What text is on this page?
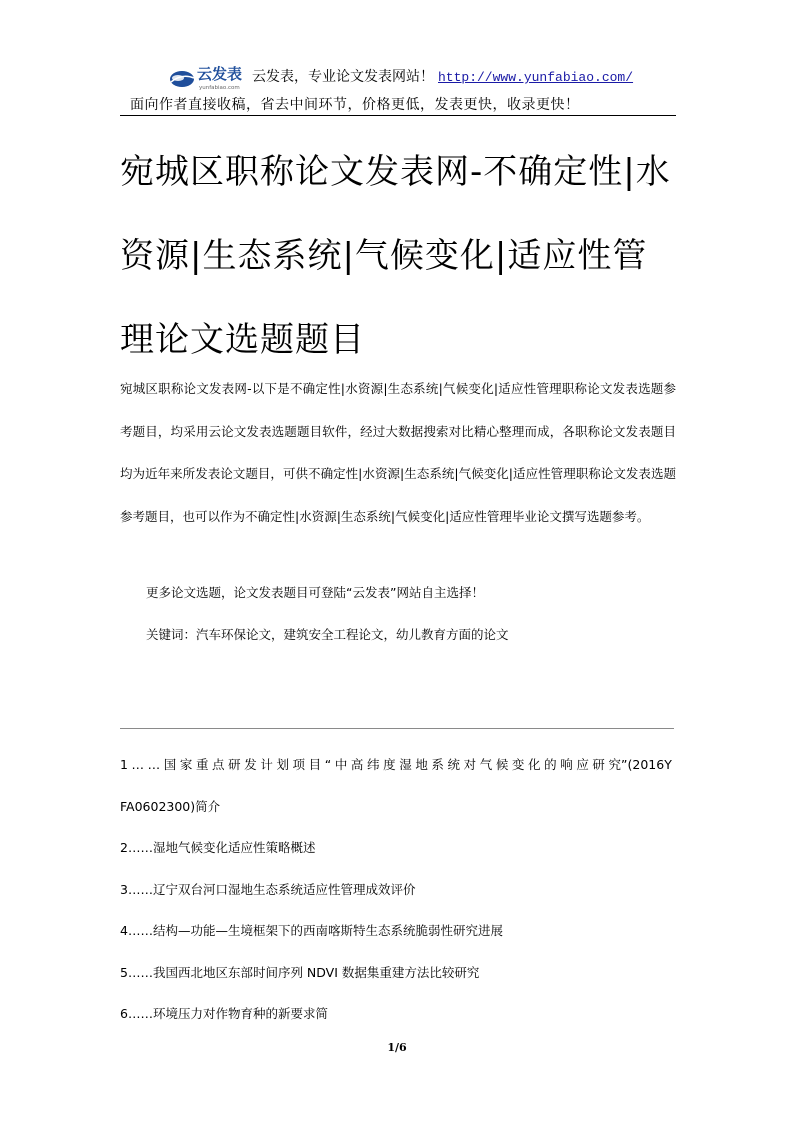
云发表
yunfabiao.com
云发表，专业论文发表网站！ http://www.yunfabiao.com/
面向作者直接收稿，省去中间环节，价格更低，发表更快，收录更快！
宛城区职称论文发表网-不确定性|水资源|生态系统|气候变化|适应性管理论文选题题目

宛城区职称论文发表网-以下是不确定性|水资源|生态系统|气候变化|适应性管理职称论文发表选题参考题目，均采用云论文发表选题题目软件，经过大数据搜索对比精心整理而成，各职称论文发表题目均为近年来所发表论文题目，可供不确定性|水资源|生态系统|气候变化|适应性管理职称论文发表选题参考题目，也可以作为不确定性|水资源|生态系统|气候变化|适应性管理毕业论文撰写选题参考。

更多论文选题，论文发表题目可登陆“云发表”网站自主选择！
关键词：汽车环保论文，建筑安全工程论文，幼儿教育方面的论文
1……国家重点研发计划项目“中高纬度湿地系统对气候变化的响应研究”(2016YFA0602300)简介
2……湿地气候变化适应性策略概述
3……辽宁双台河口湿地生态系统适应性管理成效评价
4……结构—功能—生境框架下的西南喀斯特生态系统脆弱性研究进展
5……我国西北地区东部时间序列 NDVI 数据集重建方法比较研究
6……环境压力对作物育种的新要求简
1/6
